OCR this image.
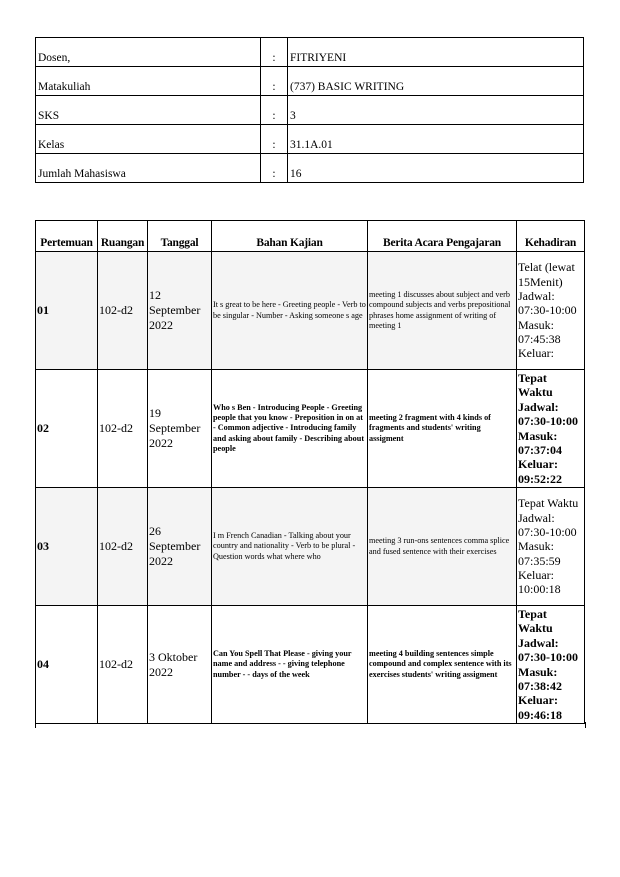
Dosen,	:	FITRIYENI
Matakuliah	:	(737) BASIC WRITING
SKS	:	3
Kelas	:	31.1A.01
Jumlah Mahasiswa	:	16
Pertemuan	Ruangan	Tanggal	Bahan Kajian	Berita Acara Pengajaran	Kehadiran
01	102-d2	12 September 2022	It s great to be here - Greeting people - Verb to be singular - Number - Asking someone s age	meeting 1 discusses about subject and verb compound subjects and verbs prepositional phrases home assignment of writing of meeting 1	Telat (lewat 15Menit)
Jadwal: 07:30-10:00
Masuk: 07:45:38
Keluar:

02	102-d2	19 September 2022	Who s Ben - Introducing People - Greeting people that you know - Preposition in on at - Common adjective - Introducing family and asking about family - Describing about people	meeting 2 fragment with 4 kinds of fragments and students' writing assigment	Tepat Waktu
Jadwal: 07:30-10:00
Masuk: 07:37:04
Keluar: 09:52:22

03	102-d2	26 September 2022	I m French Canadian - Talking about your country and nationality - Verb to be plural - Question words what where who	meeting 3 run-ons sentences comma splice and fused sentence with their exercises	Tepat Waktu
Jadwal: 07:30-10:00
Masuk: 07:35:59
Keluar: 10:00:18

04	102-d2	3 Oktober 2022	Can You Spell That Please - giving your name and address - - giving telephone number - - days of the week	meeting 4 building sentences simple compound and complex sentence with its exercises students' writing assigment	Tepat Waktu
Jadwal: 07:30-10:00
Masuk: 07:38:42
Keluar: 09:46:18
